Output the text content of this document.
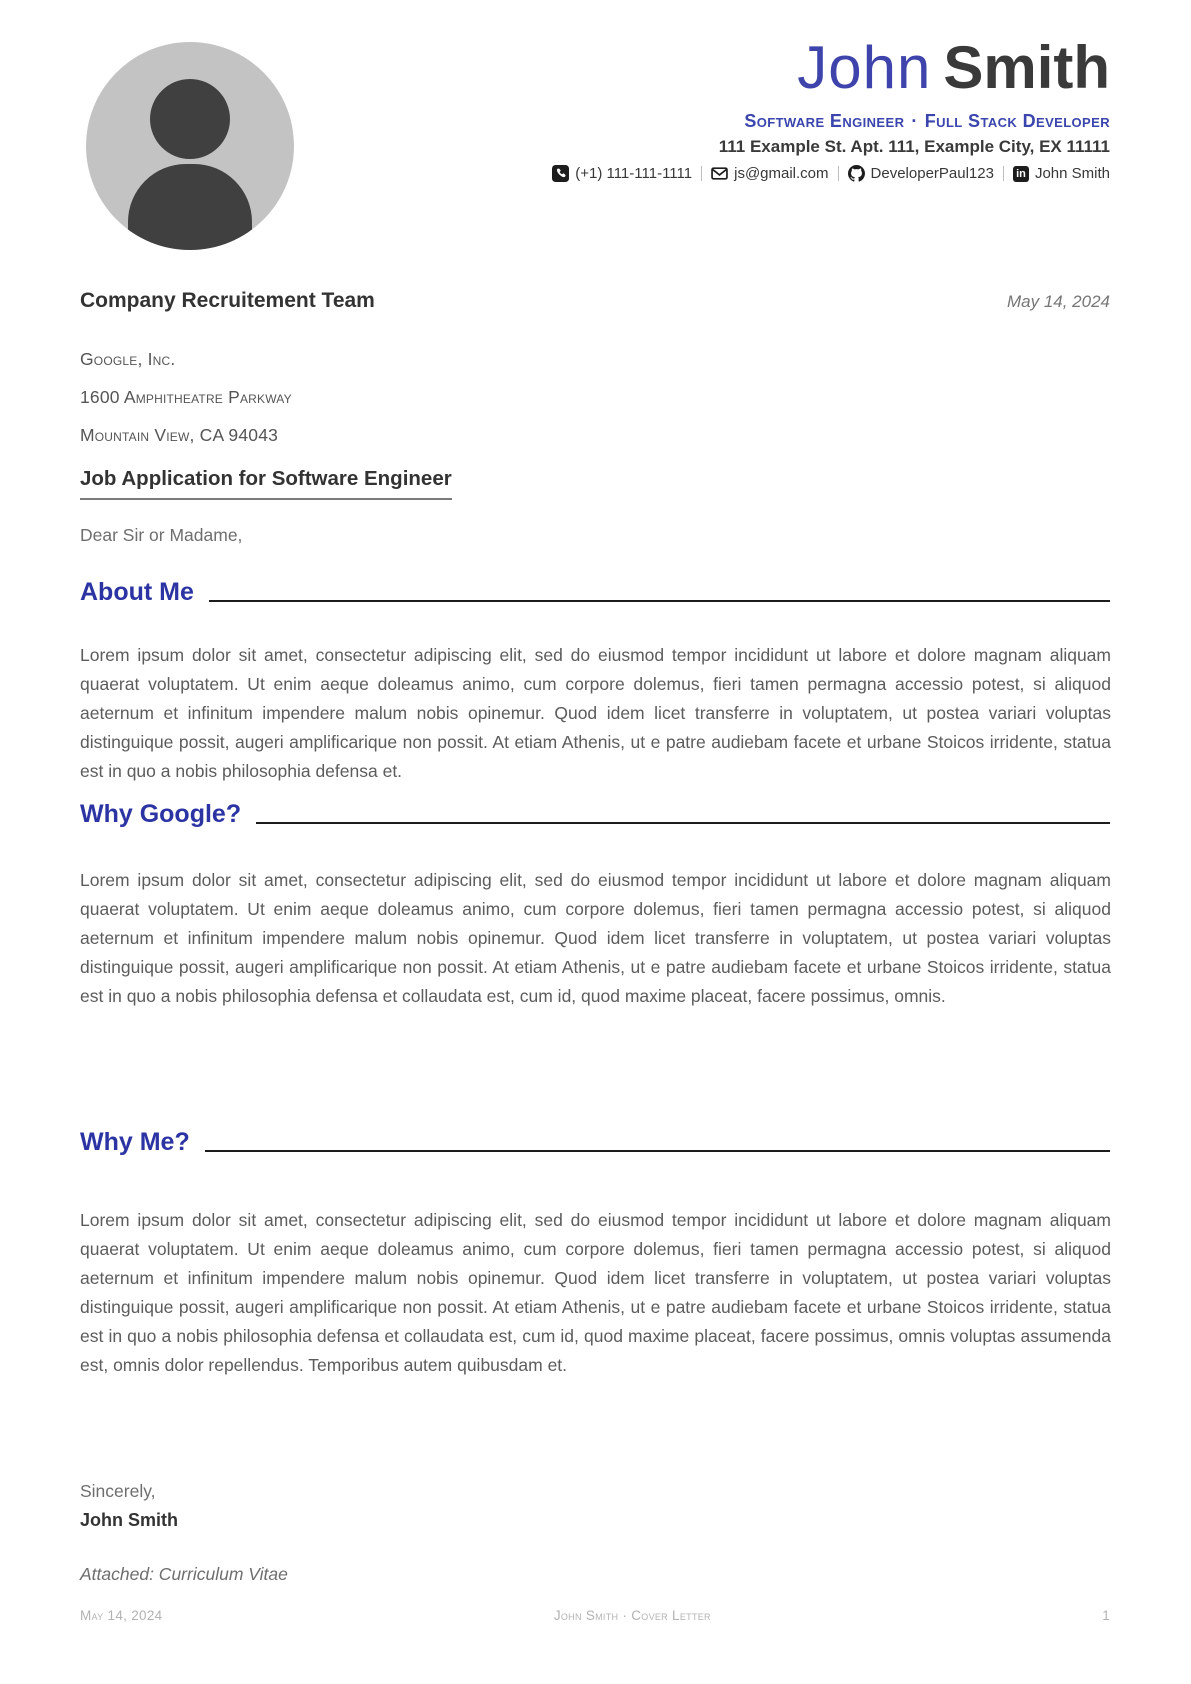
John Smith
Software Engineer · Full Stack Developer
111 Example St. Apt. 111, Example City, EX 11111
(+1) 111-111-1111	js@gmail.com	DeveloperPaul123 in John Smith
Company Recruitement Team	May 14, 2024
Google, Inc.
1600 Amphitheatre Parkway
Mountain View, CA 94043
Job Application for Software Engineer
Dear Sir or Madame,
About Me
Lorem ipsum dolor sit amet, consectetur adipiscing elit, sed do eiusmod tempor incididunt ut labore et dolore magnam aliquam quaerat voluptatem. Ut enim aeque doleamus animo, cum corpore dolemus, fieri tamen permagna accessio potest, si aliquod aeternum et infinitum impendere malum nobis opinemur. Quod idem licet transferre in voluptatem, ut postea variari voluptas distinguique possit, augeri amplificarique non possit. At etiam Athenis, ut e patre audiebam facete et urbane Stoicos irridente, statua est in quo a nobis philosophia defensa et.
Why Google?
Lorem ipsum dolor sit amet, consectetur adipiscing elit, sed do eiusmod tempor incididunt ut labore et dolore magnam aliquam quaerat voluptatem. Ut enim aeque doleamus animo, cum corpore dolemus, fieri tamen permagna accessio potest, si aliquod aeternum et infinitum impendere malum nobis opinemur. Quod idem licet transferre in voluptatem, ut postea variari voluptas distinguique possit, augeri amplificarique non possit. At etiam Athenis, ut e patre audiebam facete et urbane Stoicos irridente, statua est in quo a nobis philosophia defensa et collaudata est, cum id, quod maxime placeat, facere possimus, omnis.
Why Me?
Lorem ipsum dolor sit amet, consectetur adipiscing elit, sed do eiusmod tempor incididunt ut labore et dolore magnam aliquam quaerat voluptatem. Ut enim aeque doleamus animo, cum corpore dolemus, fieri tamen permagna accessio potest, si aliquod aeternum et infinitum impendere malum nobis opinemur. Quod idem licet transferre in voluptatem, ut postea variari voluptas distinguique possit, augeri amplificarique non possit. At etiam Athenis, ut e patre audiebam facete et urbane Stoicos irridente, statua est in quo a nobis philosophia defensa et collaudata est, cum id, quod maxime placeat, facere possimus, omnis voluptas assumenda est, omnis dolor repellendus. Temporibus autem quibusdam et.
Sincerely,
John Smith
Attached: Curriculum Vitae
May 14, 2024	John Smith · Cover Letter	1
